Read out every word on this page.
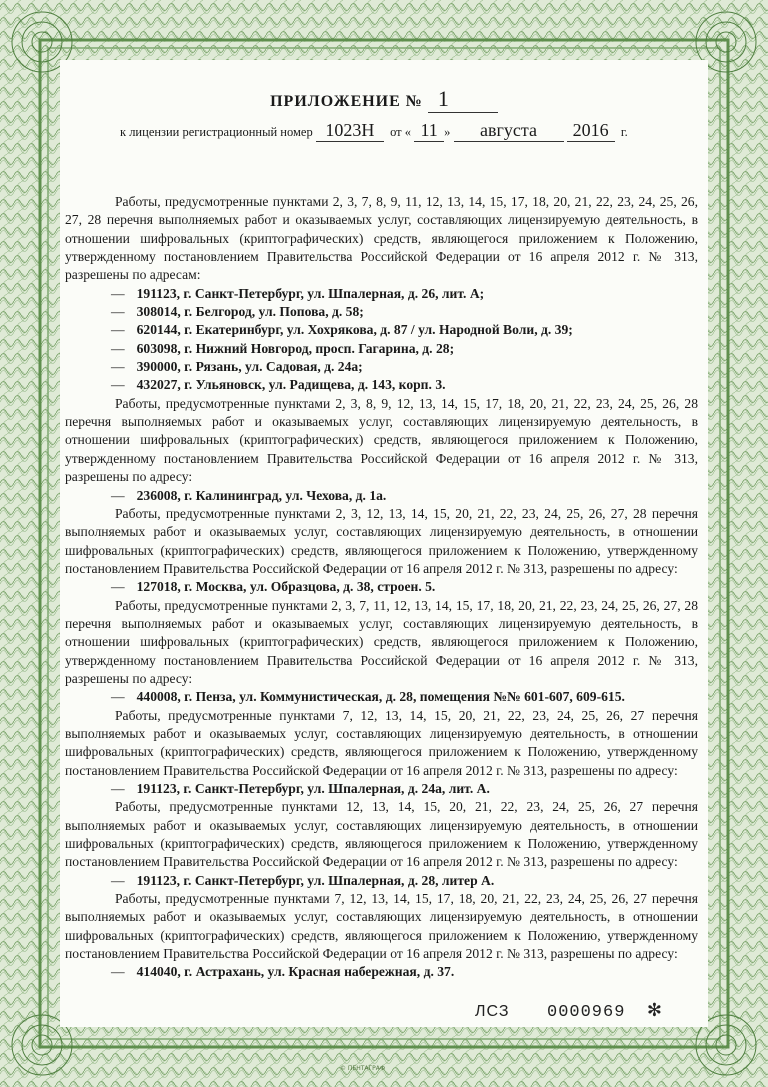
ПРИЛОЖЕНИЕ № 1
к лицензии регистрационный номер 1023Н от « 11 » августа 2016 г.

Работы, предусмотренные пунктами 2, 3, 7, 8, 9, 11, 12, 13, 14, 15, 17, 18, 20, 21, 22, 23, 24, 25, 26, 27, 28 перечня выполняемых работ и оказываемых услуг, составляющих лицензируемую деятельность, в отношении шифровальных (криптографических) средств, являющегося приложением к Положению, утвержденному постановлением Правительства Российской Федерации от 16 апреля 2012 г. № 313, разрешены по адресам:

— 191123, г. Санкт-Петербург, ул. Шпалерная, д. 26, лит. А;

— 308014, г. Белгород, ул. Попова, д. 58;

— 620144, г. Екатеринбург, ул. Хохрякова, д. 87 / ул. Народной Воли, д. 39;

— 603098, г. Нижний Новгород, просп. Гагарина, д. 28;

— 390000, г. Рязань, ул. Садовая, д. 24а;

— 432027, г. Ульяновск, ул. Радищева, д. 143, корп. 3.

Работы, предусмотренные пунктами 2, 3, 8, 9, 12, 13, 14, 15, 17, 18, 20, 21, 22, 23, 24, 25, 26, 28 перечня выполняемых работ и оказываемых услуг, составляющих лицензируемую деятельность, в отношении шифровальных (криптографических) средств, являющегося приложением к Положению, утвержденному постановлением Правительства Российской Федерации от 16 апреля 2012 г. № 313, разрешены по адресу:

— 236008, г. Калининград, ул. Чехова, д. 1а.

Работы, предусмотренные пунктами 2, 3, 12, 13, 14, 15, 20, 21, 22, 23, 24, 25, 26, 27, 28 перечня выполняемых работ и оказываемых услуг, составляющих лицензируемую деятельность, в отношении шифровальных (криптографических) средств, являющегося приложением к Положению, утвержденному постановлением Правительства Российской Федерации от 16 апреля 2012 г. № 313, разрешены по адресу:

— 127018, г. Москва, ул. Образцова, д. 38, строен. 5.

Работы, предусмотренные пунктами 2, 3, 7, 11, 12, 13, 14, 15, 17, 18, 20, 21, 22, 23, 24, 25, 26, 27, 28 перечня выполняемых работ и оказываемых услуг, составляющих лицензируемую деятельность, в отношении шифровальных (криптографических) средств, являющегося приложением к Положению, утвержденному постановлением Правительства Российской Федерации от 16 апреля 2012 г. № 313, разрешены по адресу:

— 440008, г. Пенза, ул. Коммунистическая, д. 28, помещения №№ 601-607, 609-615.

Работы, предусмотренные пунктами 7, 12, 13, 14, 15, 20, 21, 22, 23, 24, 25, 26, 27 перечня выполняемых работ и оказываемых услуг, составляющих лицензируемую деятельность, в отношении шифровальных (криптографических) средств, являющегося приложением к Положению, утвержденному постановлением Правительства Российской Федерации от 16 апреля 2012 г. № 313, разрешены по адресу:

— 191123, г. Санкт-Петербург, ул. Шпалерная, д. 24а, лит. А.

Работы, предусмотренные пунктами 12, 13, 14, 15, 20, 21, 22, 23, 24, 25, 26, 27 перечня выполняемых работ и оказываемых услуг, составляющих лицензируемую деятельность, в отношении шифровальных (криптографических) средств, являющегося приложением к Положению, утвержденному постановлением Правительства Российской Федерации от 16 апреля 2012 г. № 313, разрешены по адресу:

— 191123, г. Санкт-Петербург, ул. Шпалерная, д. 28, литер А.

Работы, предусмотренные пунктами 7, 12, 13, 14, 15, 17, 18, 20, 21, 22, 23, 24, 25, 26, 27 перечня выполняемых работ и оказываемых услуг, составляющих лицензируемую деятельность, в отношении шифровальных (криптографических) средств, являющегося приложением к Положению, утвержденному постановлением Правительства Российской Федерации от 16 апреля 2012 г. № 313, разрешены по адресу:

— 414040, г. Астрахань, ул. Красная набережная, д. 37.

ЛСЗ 0000969 ✻
© ПЕНТАГРАФ
